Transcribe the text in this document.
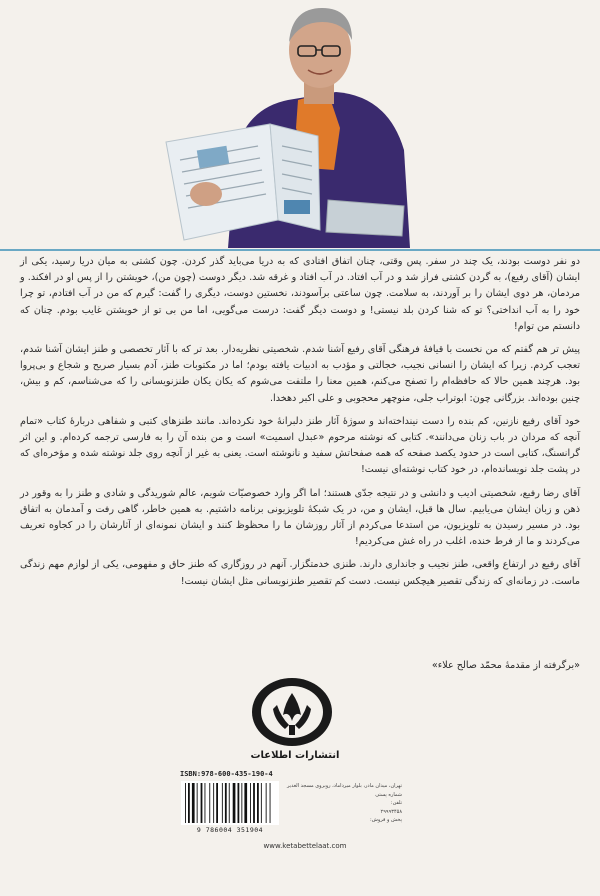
دو نفر دوست بودند، یک چند در سفر. پس وقتی، چنان اتفاق افتادی که به دریا می‌باید گذر کردن. چون کشتی به میان دریا رسید، یکی از ایشان (آقای رفیع)، به گردن کشتی فراز شد و در آب افتاد. در آب افتاد و غرقه شد. دیگر دوست (چون من)، خویشتن را از پس او در افکند. و مردمان، هر دوی ایشان را بر آوردند، به سلامت. چون ساعتی برآسودند، نخستین دوست، دیگری را گفت: گیرم که من در آب افتادم، تو چرا خود را به آب انداختی؟ تو که شنا کردن بلد نیستی! و دوست دیگر گفت: درست می‌گویی، اما من بی تو از خویشتن غایب بودم. چنان که دانستم من توام!

پیش تر هم گفتم که من نخست با قیافهٔ فرهنگی آقای رفیع آشنا شدم. شخصیتی نظریه‌دار. بعد تر که با آثار تخصصی و طنز ایشان آشنا شدم، تعجب کردم. زیرا که ایشان را انسانی نجیب، خجالتی و مؤدب به ادبیات یافته بودم؛ اما در مکتوبات طنز، آدم بسیار صریح و شجاع و بی‌پروا بود. هرچند همین حالا که حافظه‌ام را تصفح می‌کنم، همین معنا را ملتفت می‌شوم که یکان یکان طنزنویسانی را که می‌شناسم، کم و بیش، چنین بوده‌اند. بزرگانی چون: ابوتراب جلی، منوچهر محجوبی و علی اکبر دهخدا.

خود آقای رفیع نازنین، کم بنده را دست نینداخته‌اند و سوژهٔ آثار طنز دلبرانهٔ خود نکرده‌اند. مانند طنزهای کتبی و شفاهی دربارهٔ کتاب «تمام آنچه که مردان در باب زنان می‌دانند». کتابی که نوشته مرحوم «عبدل اسمیت» است و من بنده آن را به فارسی ترجمه کرده‌ام. و این اثر گرانسنگ، کتابی است در حدود یکصد صفحه که همه صفحاتش سفید و نانوشته است. یعنی به غیر از آنچه روی جلد نوشته شده و مؤخره‌ای که در پشت جلد نویسانده‌ام، در خود کتاب نوشته‌ای نیست!

آقای رضا رفیع، شخصیتی ادیب و دانشی و در نتیجه جدّی هستند؛ اما اگر وارد خصوصیّات شویم، عالم شوریدگی و شادی و طنز را به وقور در ذهن و زبان ایشان می‌یابیم. سال ها قبل، ایشان و من، در یک شبکهٔ تلویزیونی برنامه داشتیم. به همین خاطر، گاهی رفت و آمدمان به اتفاق بود. در مسیر رسیدن به تلویزیون، من استدعا می‌کردم از آثار روزشان ما را محظوظ کنند و ایشان نمونه‌ای از آثارشان را در کجاوه تعریف می‌کردند و ما از فرط خنده، اغلب در راه غش می‌کردیم!

آقای رفیع در ارتفاع واقعی، طنز نجیب و جانداری دارند. طنزی خدمتگزار. آنهم در روزگاری که طنز حاق و مفهومی، یکی از لوازم مهم زندگی ماست. در زمانه‌ای که زندگی تقصیر هیچکس نیست. دست کم تقصیر طنزنویسانی مثل ایشان نیست!

«برگرفته از مقدمهٔ محمّد صالح علاء»
انتشارات اطلاعات
ISBN:978-600-435-190-4
9 786004 351904
تهران، میدان مادر، بلوار میرداماد، روبروی مسجد الغدیر
شماره پستی
تلفن:
۲۹۹۹۳۴۵۸
پخش و فروش:
www.ketabettelaat.com
